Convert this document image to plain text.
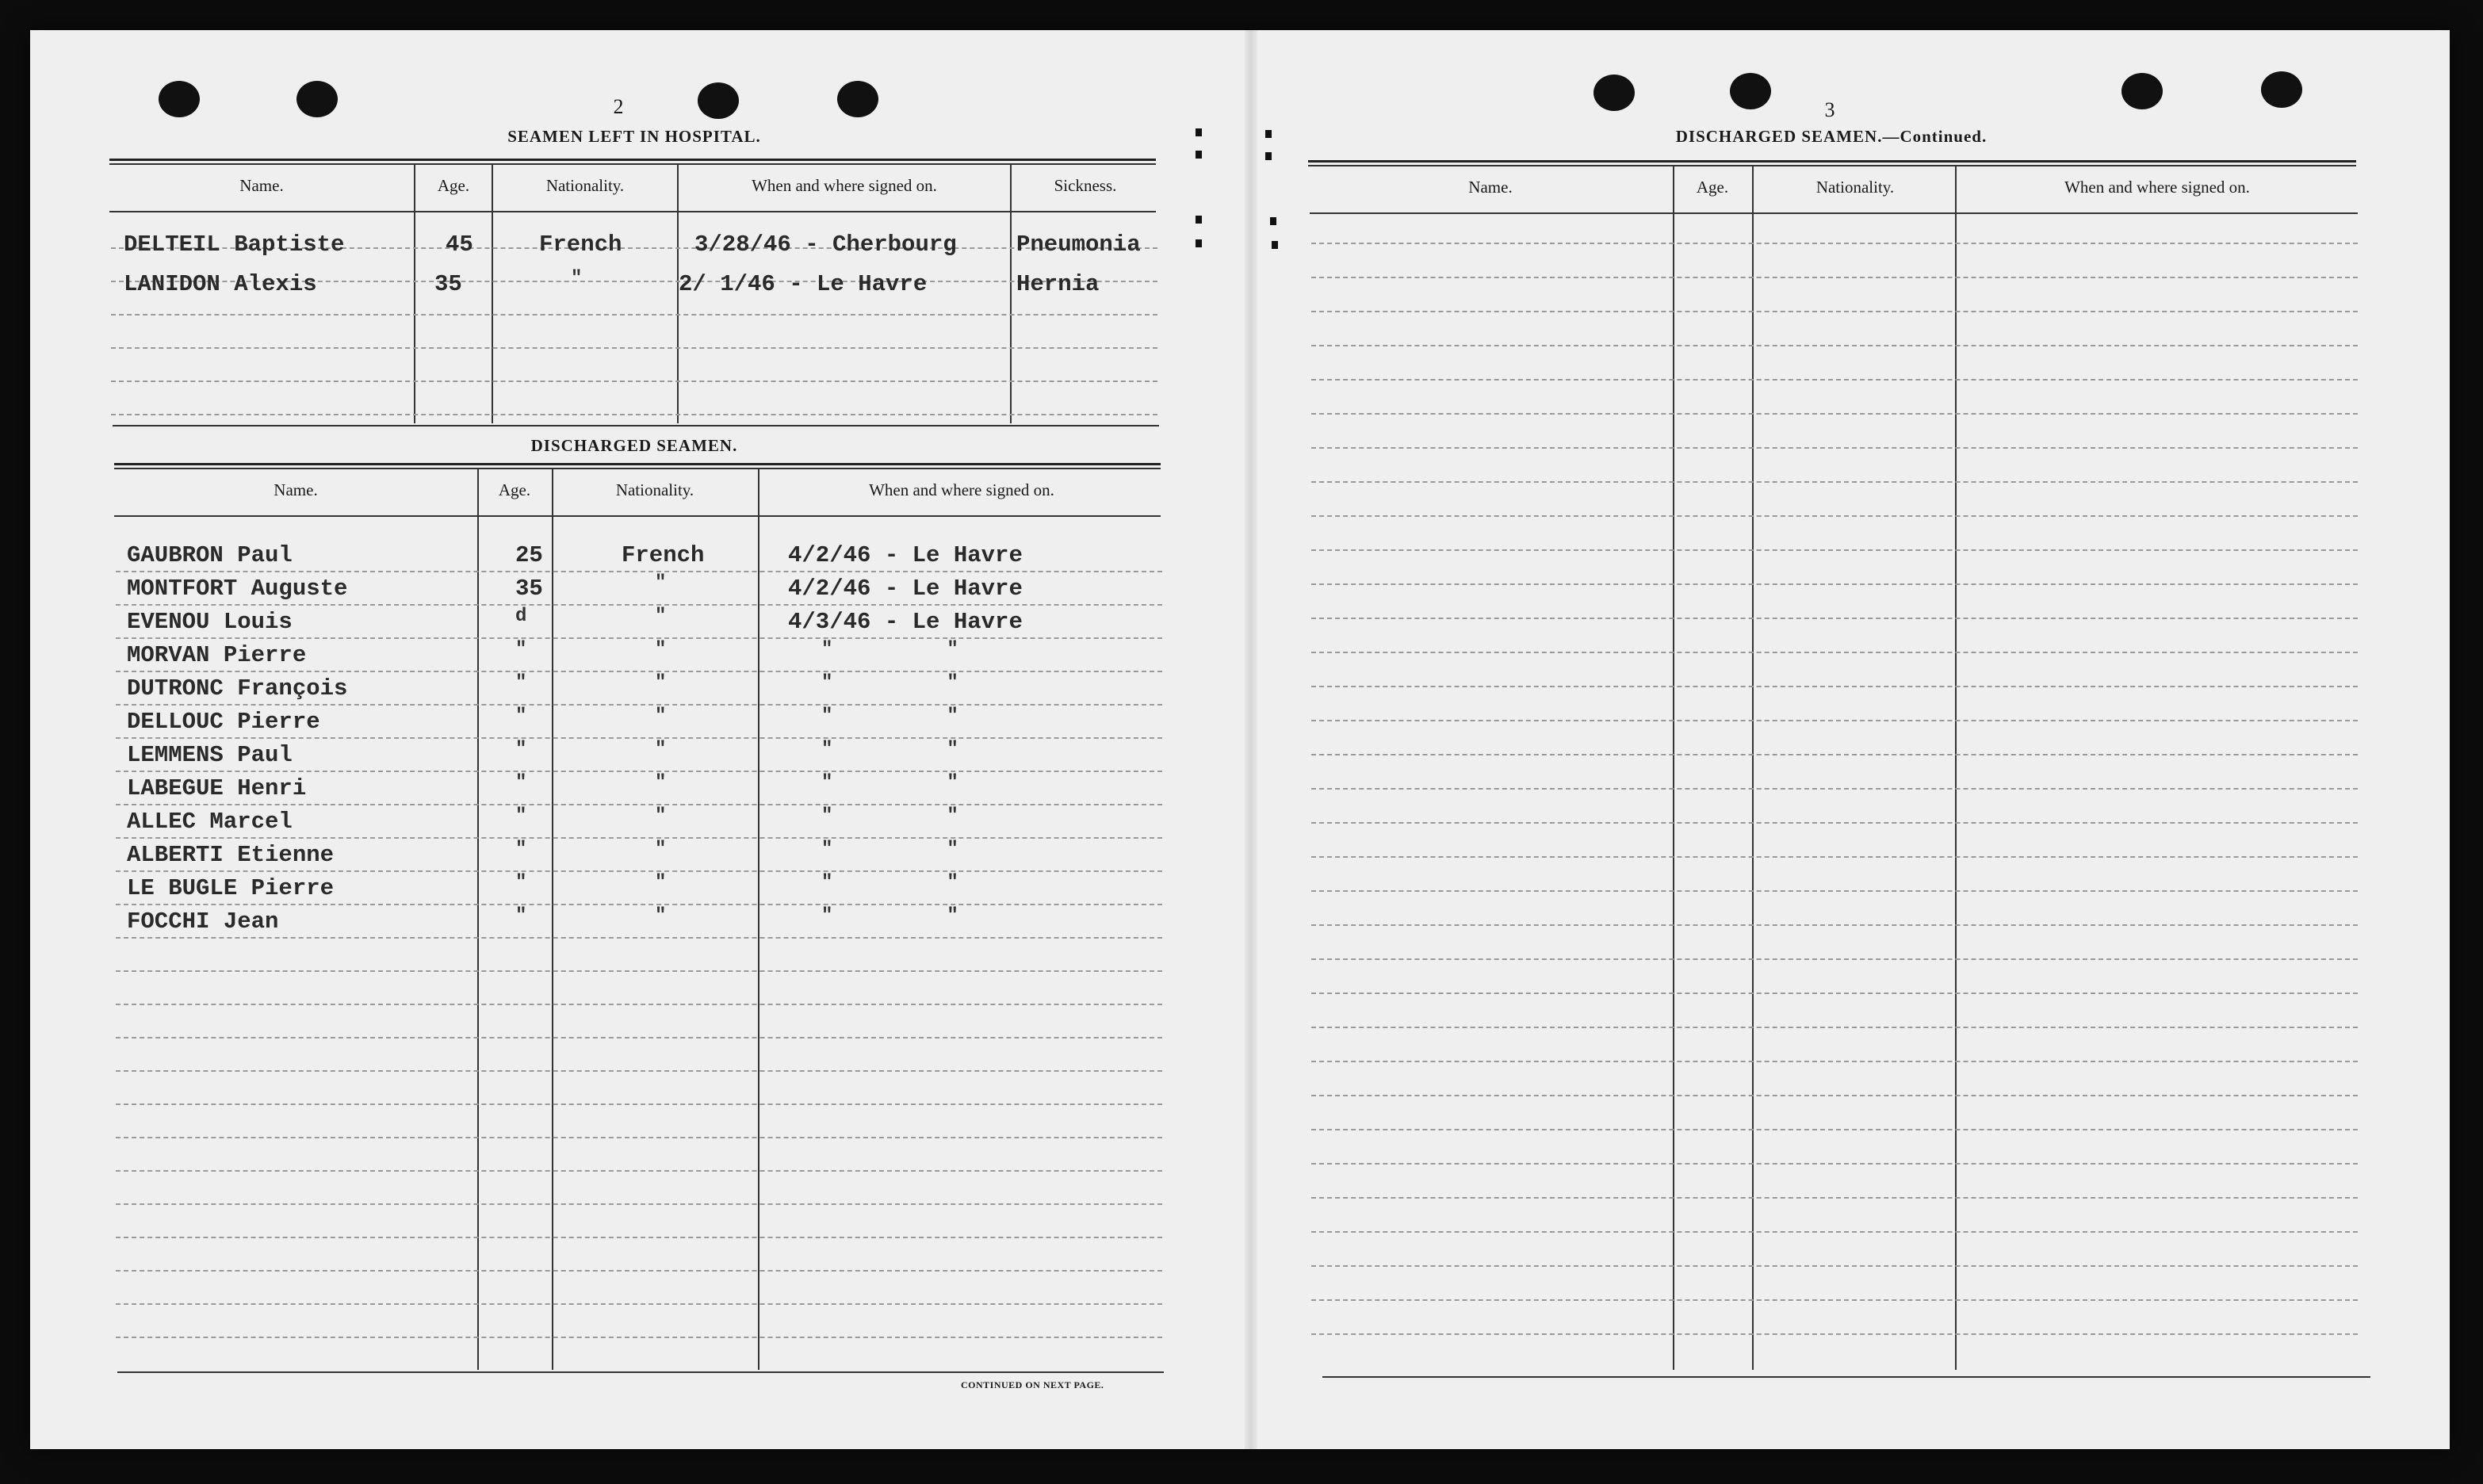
2
SEAMEN LEFT IN HOSPITAL.
Name.	Age.	Nationality.	When and where signed on.	Sickness.
DELTEIL Baptiste	45	French	3/28/46 - Cherbourg	Pneumonia
LANIDON Alexis	35	"	2/ 1/46 - Le Havre	Hernia
DISCHARGED SEAMEN.
Name.	Age.	Nationality.	When and where signed on.
GAUBRON Paul	25	French	4/2/46 - Le Havre
MONTFORT Auguste	35	"	4/2/46 - Le Havre
EVENOU Louis	d	"	4/3/46 - Le Havre
MORVAN Pierre	"	"	"          "
DUTRONC François	"	"	"          "
DELLOUC Pierre	"	"	"          "
LEMMENS Paul	"	"	"          "
LABEGUE Henri	"	"	"          "
ALLEC Marcel	"	"	"          "
ALBERTI Etienne	"	"	"          "
LE BUGLE Pierre	"	"	"          "
FOCCHI Jean	"	"	"          "
CONTINUED ON NEXT PAGE.
3
DISCHARGED SEAMEN.—Continued.
Name.	Age.	Nationality.	When and where signed on.
